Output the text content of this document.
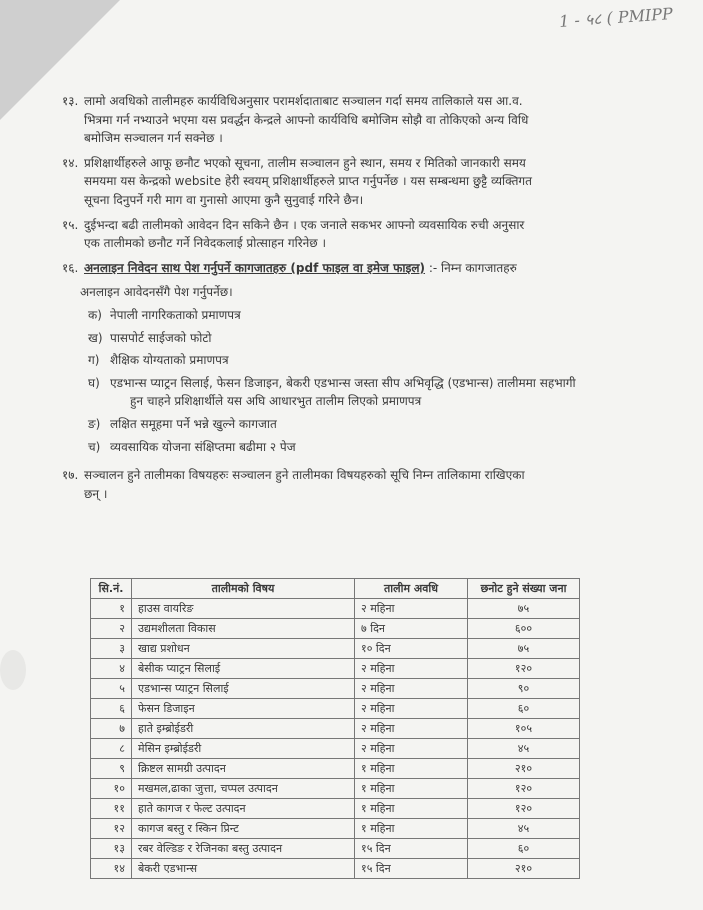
1 - ५८ ( PMIPP
१३. लामो अवधिको तालीमहरु कार्यविधिअनुसार परामर्शदाताबाट सञ्चालन गर्दा समय तालिकाले यस आ.व.
भित्रमा गर्न नभ्याउने भएमा यस प्रवर्द्धन केन्द्रले आफ्नो कार्यविधि बमोजिम सोझै वा तोकिएको अन्य विधि
बमोजिम सञ्चालन गर्न सक्नेछ ।
१४. प्रशिक्षार्थीहरुले आफू छनौट भएको सूचना, तालीम सञ्चालन हुने स्थान, समय र मितिको जानकारी समय
समयमा यस केन्द्रको website हेरी स्वयम् प्रशिक्षार्थीहरुले प्राप्त गर्नुपर्नेछ । यस सम्बन्धमा छुट्टै व्यक्तिगत
सूचना दिनुपर्ने गरी माग वा गुनासो आएमा कुनै सुनुवाई गरिने छैन।
१५. दुईभन्दा बढी तालीमको आवेदन दिन सकिने छैन । एक जनाले सकभर आफ्नो व्यवसायिक रुची अनुसार
एक तालीमको छनौट गर्ने निवेदकलाई प्रोत्साहन गरिनेछ ।
१६. अनलाइन निवेदन साथ पेश गर्नुपर्ने कागजातहरु (pdf फाइल वा इमेज फाइल) :- निम्न कागजातहरु
अनलाइन आवेदनसँगै पेश गर्नुपर्नेछ।
क) नेपाली नागरिकताको प्रमाणपत्र
ख) पासपोर्ट साईजको फोटो
ग) शैक्षिक योग्यताको प्रमाणपत्र
घ) एडभान्स प्याट्रन सिलाई, फेसन डिजाइन, बेकरी एडभान्स जस्ता सीप अभिवृद्धि (एडभान्स) तालीममा सहभागी
हुन चाहने प्रशिक्षार्थीले यस अघि आधारभुत तालीम लिएको प्रमाणपत्र
ङ) लक्षित समूहमा पर्ने भन्ने खुल्ने कागजात
च) व्यवसायिक योजना संक्षिप्तमा बढीमा २ पेज
१७. सञ्चालन हुने तालीमका विषयहरुः सञ्चालन हुने तालीमका विषयहरुको सूचि निम्न तालिकामा राखिएका
छन् ।
सि.नं.	तालीमको विषय	तालीम अवधि	छनोट हुने संख्या जना
१	हाउस वायरिङ	२ महिना	७५
२	उद्यमशीलता विकास	७ दिन	६००
३	खाद्य प्रशोधन	१० दिन	७५
४	बेसीक प्याट्रन सिलाई	२ महिना	१२०
५	एडभान्स प्याट्रन सिलाई	२ महिना	९०
६	फेसन डिजाइन	२ महिना	६०
७	हाते इम्ब्रोईडरी	२ महिना	१०५
८	मेसिन इम्ब्रोईडरी	२ महिना	४५
९	क्रिष्टल सामग्री उत्पादन	१ महिना	२१०
१०	मखमल,ढाका जुत्ता, चप्पल उत्पादन	१ महिना	१२०
११	हाते कागज र फेल्ट उत्पादन	१ महिना	१२०
१२	कागज बस्तु र स्किन प्रिन्ट	१ महिना	४५
१३	रबर वेल्डिङ र रेजिनका बस्तु उत्पादन	१५ दिन	६०
१४	बेकरी एडभान्स	१५ दिन	२१०
